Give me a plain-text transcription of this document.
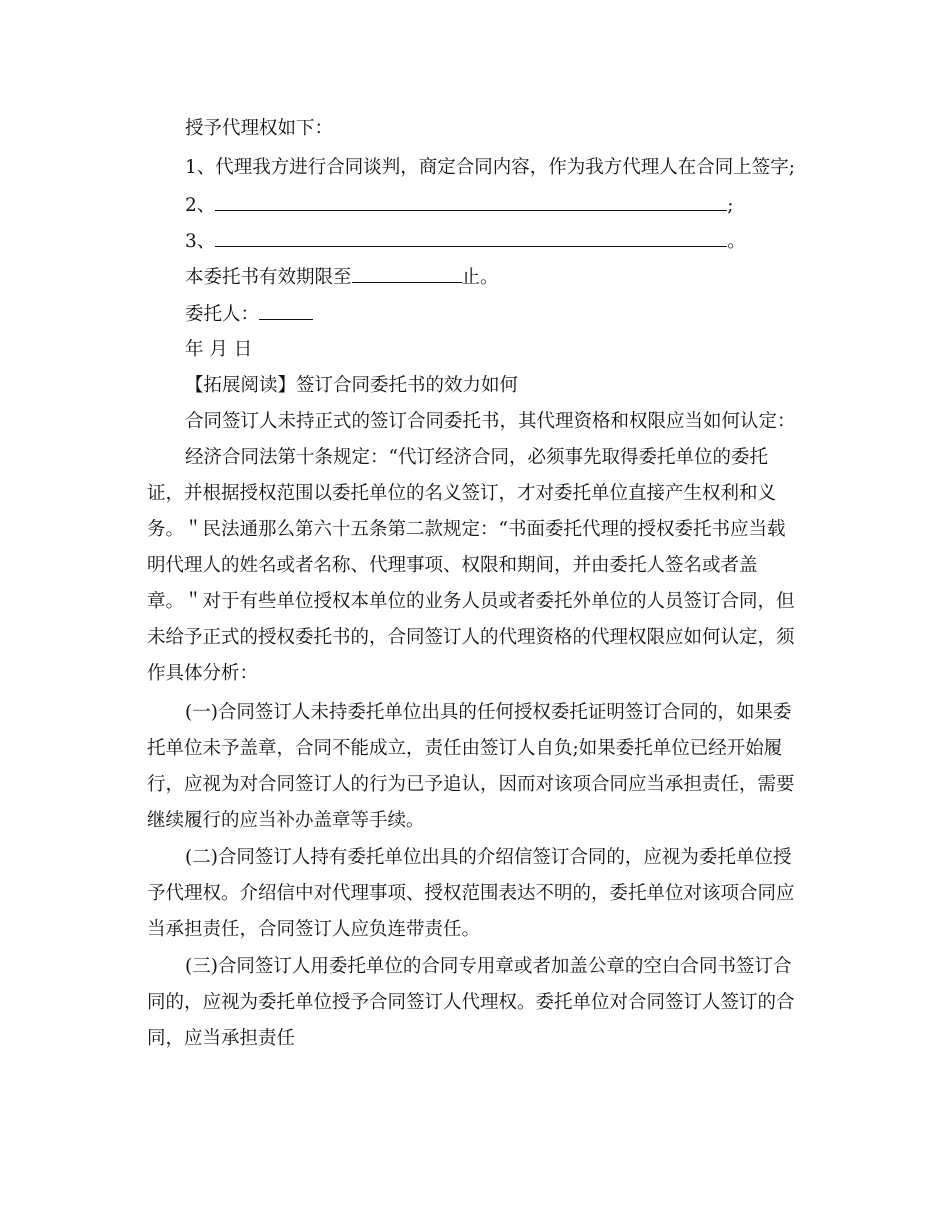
授予代理权如下：
1、代理我方进行合同谈判，商定合同内容，作为我方代理人在合同上签字;
2、	;
3、	。
本委托书有效期限至	止。
委托人：
年 月 日
【拓展阅读】签订合同委托书的效力如何
合同签订人未持正式的签订合同委托书，其代理资格和权限应当如何认定：
经济合同法第十条规定：“代订经济合同，必须事先取得委托单位的委托
证，并根据授权范围以委托单位的名义签订，才对委托单位直接产生权利和义
务。＂民法通那么第六十五条第二款规定：“书面委托代理的授权委托书应当载
明代理人的姓名或者名称、代理事项、权限和期间，并由委托人签名或者盖
章。＂对于有些单位授权本单位的业务人员或者委托外单位的人员签订合同，但
未给予正式的授权委托书的，合同签订人的代理资格的代理权限应如何认定，须
作具体分析：
(一)合同签订人未持委托单位出具的任何授权委托证明签订合同的，如果委
托单位未予盖章，合同不能成立，责任由签订人自负;如果委托单位已经开始履
行，应视为对合同签订人的行为已予追认，因而对该项合同应当承担责任，需要
继续履行的应当补办盖章等手续。
(二)合同签订人持有委托单位出具的介绍信签订合同的，应视为委托单位授
予代理权。介绍信中对代理事项、授权范围表达不明的，委托单位对该项合同应
当承担责任，合同签订人应负连带责任。
(三)合同签订人用委托单位的合同专用章或者加盖公章的空白合同书签订合
同的，应视为委托单位授予合同签订人代理权。委托单位对合同签订人签订的合
同，应当承担责任
